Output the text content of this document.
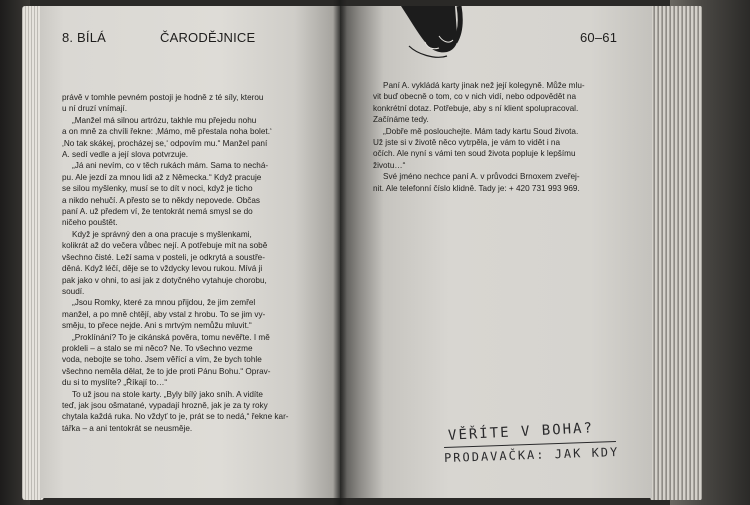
8. BÍLÁ	ČARODĚJNICE

právě v tomhle pevném postoji je hodně z té síly, kterou

u ní druzí vnímají.

„Manžel má silnou artrózu, takhle mu přejedu nohu

a on mně za chvíli řekne: ‚Mámo, mě přestala noha bolet.‘

‚No tak skákej, procházej se,‘ odpovím mu.“ Manžel paní

A. sedí vedle a její slova potvrzuje.

„Já ani nevím, co v těch rukách mám. Sama to nechá-

pu. Ale jezdí za mnou lidi až z Německa.“ Když pracuje

se silou myšlenky, musí se to dít v noci, když je ticho

a nikdo nehučí. A přesto se to někdy nepovede. Občas

paní A. už předem ví, že tentokrát nemá smysl se do

ničeho pouštět.

Když je správný den a ona pracuje s myšlenkami,

kolikrát až do večera vůbec nejí. A potřebuje mít na sobě

všechno čisté. Leží sama v posteli, je odkrytá a soustře-

děná. Když léčí, děje se to vždycky levou rukou. Mívá ji

pak jako v ohni, to asi jak z dotyčného vytahuje chorobu,

soudí.

„Jsou Romky, které za mnou přijdou, že jim zemřel

manžel, a po mně chtějí, aby vstal z hrobu. To se jim vy-

směju, to přece nejde. Ani s mrtvým nemůžu mluvit.“

„Proklínání? To je cikánská pověra, tomu nevěřte. I mě

prokleli – a stalo se mi něco? Ne. To všechno vezme

voda, nebojte se toho. Jsem věřící a vím, že bych tohle

všechno neměla dělat, že to jde proti Pánu Bohu.“ Oprav-

du si to myslíte? „Říkají to…“

To už jsou na stole karty. „Byly bílý jako sníh. A vidíte

teď, jak jsou ošmatané, vypadají hrozně, jak je za ty roky

chytala každá ruka. No vždyť to je, prát se to nedá,“ řekne kar-

tářka – a ani tentokrát se neusměje.

60–61

Paní A. vykládá karty jinak než její kolegyně. Může mlu-

vit buď obecně o tom, co v nich vidí, nebo odpovědět na

konkrétní dotaz. Potřebuje, aby s ní klient spolupracoval.

Začínáme tedy.

„Dobře mě poslouchejte. Mám tady kartu Soud života.

Už jste si v životě něco vytrpěla, je vám to vidět i na

očích. Ale nyní s vámi ten soud života popluje k lepšímu

životu…“

Své jméno nechce paní A. v průvodci Brnoxem zveřej-

nit. Ale telefonní číslo klidně. Tady je: + 420 731 993 969.

VĚŘÍTE V BOHA?
PRODAVAČKA: JAK KDY
